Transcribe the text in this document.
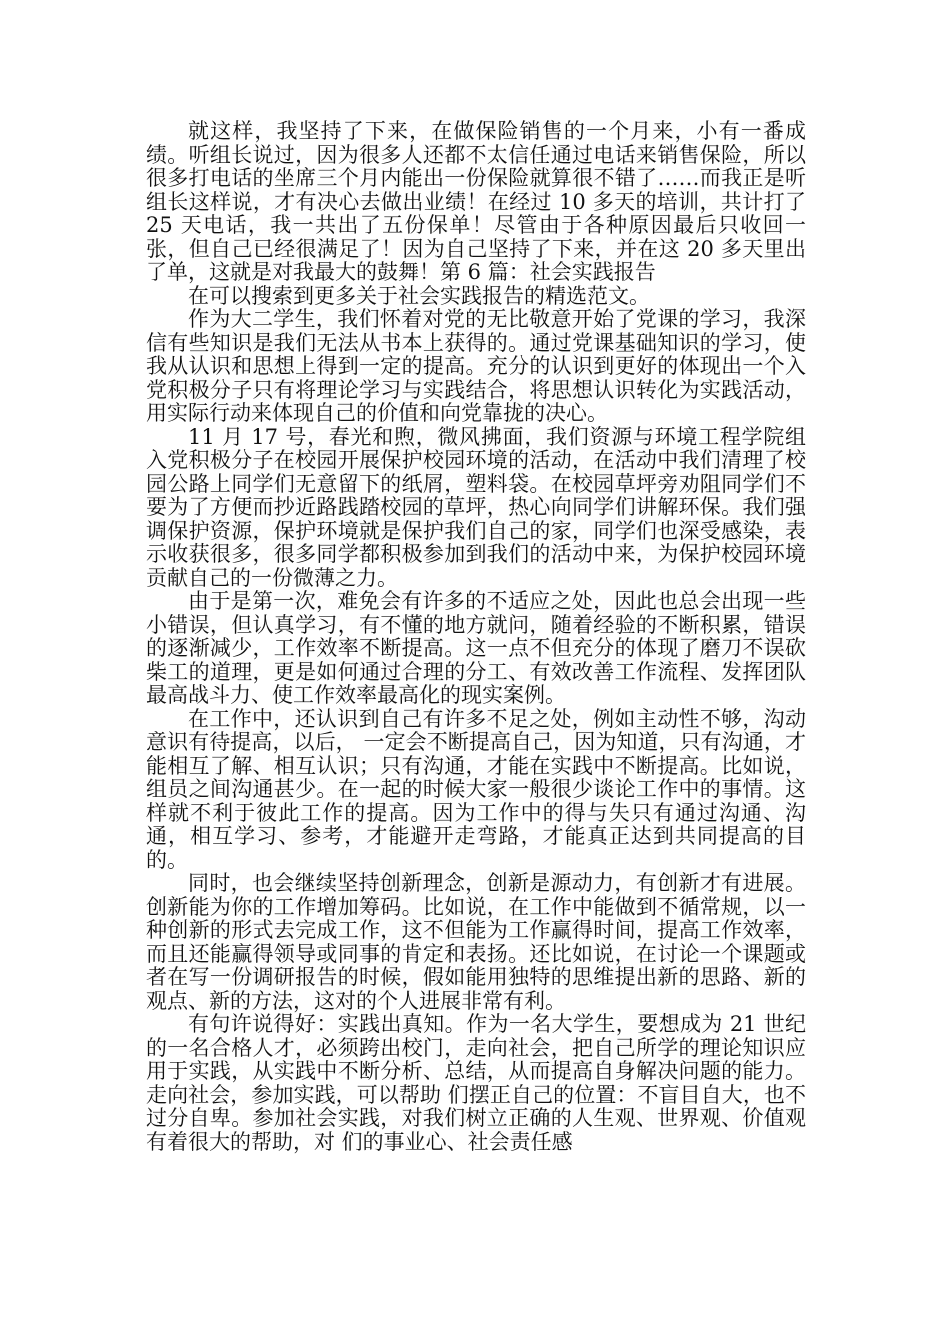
就这样，我坚持了下来，在做保险销售的一个月来，小有一番成绩。听组长说过，因为很多人还都不太信任通过电话来销售保险，所以很多打电话的坐席三个月内能出一份保险就算很不错了……而我正是听组长这样说，才有决心去做出业绩！在经过 10 多天的培训，共计打了 25 天电话，我一共出了五份保单！尽管由于各种原因最后只收回一张，但自己已经很满足了！因为自己坚持了下来，并在这 20 多天里出了单，这就是对我最大的鼓舞！第 6 篇：社会实践报告

在可以搜索到更多关于社会实践报告的精选范文。

作为大二学生，我们怀着对党的无比敬意开始了党课的学习，我深信有些知识是我们无法从书本上获得的。通过党课基础知识的学习，使我从认识和思想上得到一定的提高。充分的认识到更好的体现出一个入党积极分子只有将理论学习与实践结合，将思想认识转化为实践活动，用实际行动来体现自己的价值和向党靠拢的决心。

11 月 17 号，春光和煦，微风拂面，我们资源与环境工程学院组入党积极分子在校园开展保护校园环境的活动，在活动中我们清理了校园公路上同学们无意留下的纸屑，塑料袋。在校园草坪旁劝阻同学们不要为了方便而抄近路践踏校园的草坪，热心向同学们讲解环保。我们强调保护资源，保护环境就是保护我们自己的家，同学们也深受感染，表示收获很多，很多同学都积极参加到我们的活动中来，为保护校园环境贡献自己的一份微薄之力。

由于是第一次，难免会有许多的不适应之处，因此也总会出现一些小错误，但认真学习，有不懂的地方就问，随着经验的不断积累，错误的逐渐减少，工作效率不断提高。这一点不但充分的体现了磨刀不误砍柴工的道理，更是如何通过合理的分工、有效改善工作流程、发挥团队最高战斗力、使工作效率最高化的现实案例。

在工作中，还认识到自己有许多不足之处，例如主动性不够，沟动意识有待提高，以后， 一定会不断提高自己，因为知道，只有沟通，才能相互了解、相互认识；只有沟通，才能在实践中不断提高。比如说，组员之间沟通甚少。在一起的时候大家一般很少谈论工作中的事情。这样就不利于彼此工作的提高。因为工作中的得与失只有通过沟通、沟通，相互学习、参考，才能避开走弯路，才能真正达到共同提高的目的。

同时，也会继续坚持创新理念，创新是源动力，有创新才有进展。创新能为你的工作增加筹码。比如说，在工作中能做到不循常规，以一种创新的形式去完成工作，这不但能为工作赢得时间，提高工作效率，而且还能赢得领导或同事的肯定和表扬。还比如说，在讨论一个课题或者在写一份调研报告的时候，假如能用独特的思维提出新的思路、新的观点、新的方法，这对的个人进展非常有利。

有句许说得好：实践出真知。作为一名大学生，要想成为 21 世纪的一名合格人才，必须跨出校门，走向社会，把自己所学的理论知识应用于实践，从实践中不断分析、总结，从而提高自身解决问题的能力。走向社会，参加实践，可以帮助 们摆正自己的位置：不盲目自大，也不过分自卑。参加社会实践，对我们树立正确的人生观、世界观、价值观有着很大的帮助，对 们的事业心、社会责任感
